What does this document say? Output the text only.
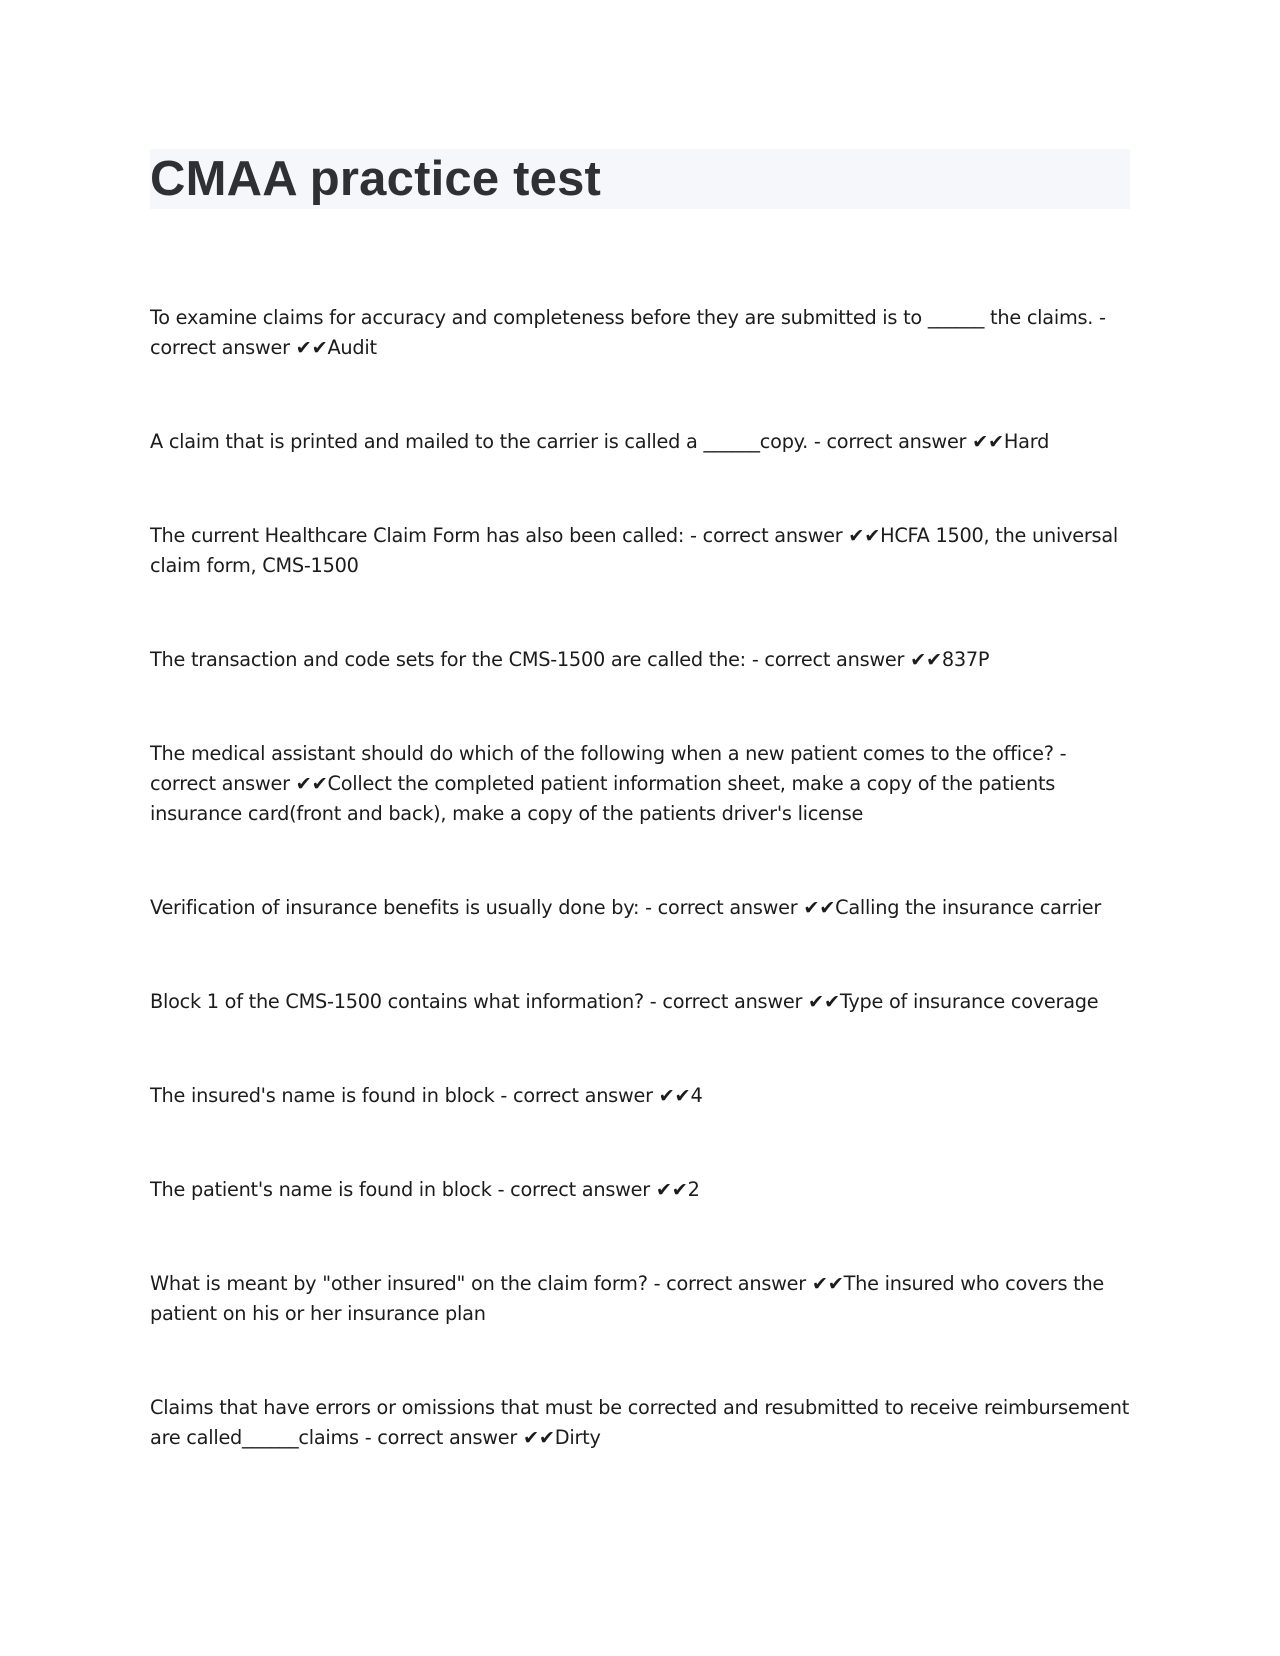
CMAA practice test

To examine claims for accuracy and completeness before they are submitted is to ______ the claims. - correct answer ✔✔Audit

A claim that is printed and mailed to the carrier is called a ______copy. - correct answer ✔✔Hard

The current Healthcare Claim Form has also been called: - correct answer ✔✔HCFA 1500, the universal claim form, CMS-1500

The transaction and code sets for the CMS-1500 are called the: - correct answer ✔✔837P

The medical assistant should do which of the following when a new patient comes to the office? - correct answer ✔✔Collect the completed patient information sheet, make a copy of the patients insurance card(front and back), make a copy of the patients driver's license

Verification of insurance benefits is usually done by: - correct answer ✔✔Calling the insurance carrier

Block 1 of the CMS-1500 contains what information? - correct answer ✔✔Type of insurance coverage

The insured's name is found in block - correct answer ✔✔4

The patient's name is found in block - correct answer ✔✔2

What is meant by "other insured" on the claim form? - correct answer ✔✔The insured who covers the patient on his or her insurance plan

Claims that have errors or omissions that must be corrected and resubmitted to receive reimbursement are called______claims - correct answer ✔✔Dirty
